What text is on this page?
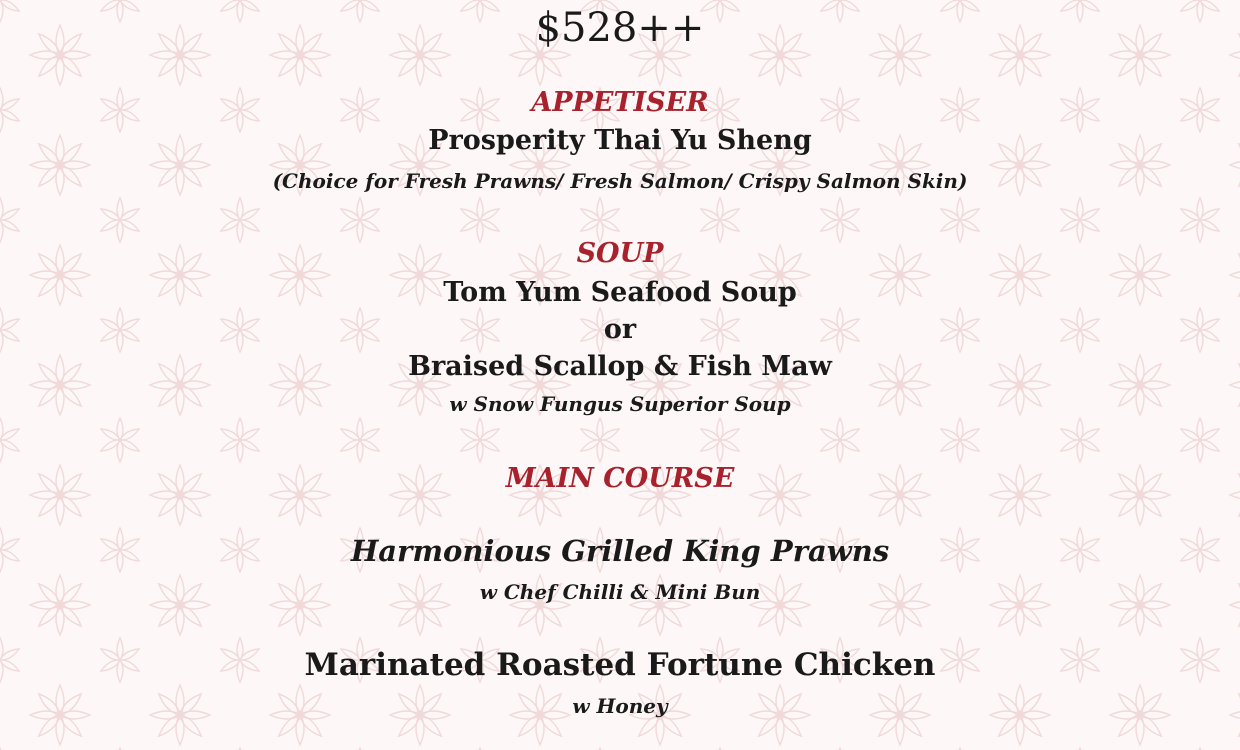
$528++
APPETISER
Prosperity Thai Yu Sheng
(Choice for Fresh Prawns/ Fresh Salmon/ Crispy Salmon Skin)
SOUP
Tom Yum Seafood Soup
or
Braised Scallop & Fish Maw
w Snow Fungus Superior Soup
MAIN COURSE
Harmonious Grilled King Prawns
w Chef Chilli & Mini Bun
Marinated Roasted Fortune Chicken
w Honey
